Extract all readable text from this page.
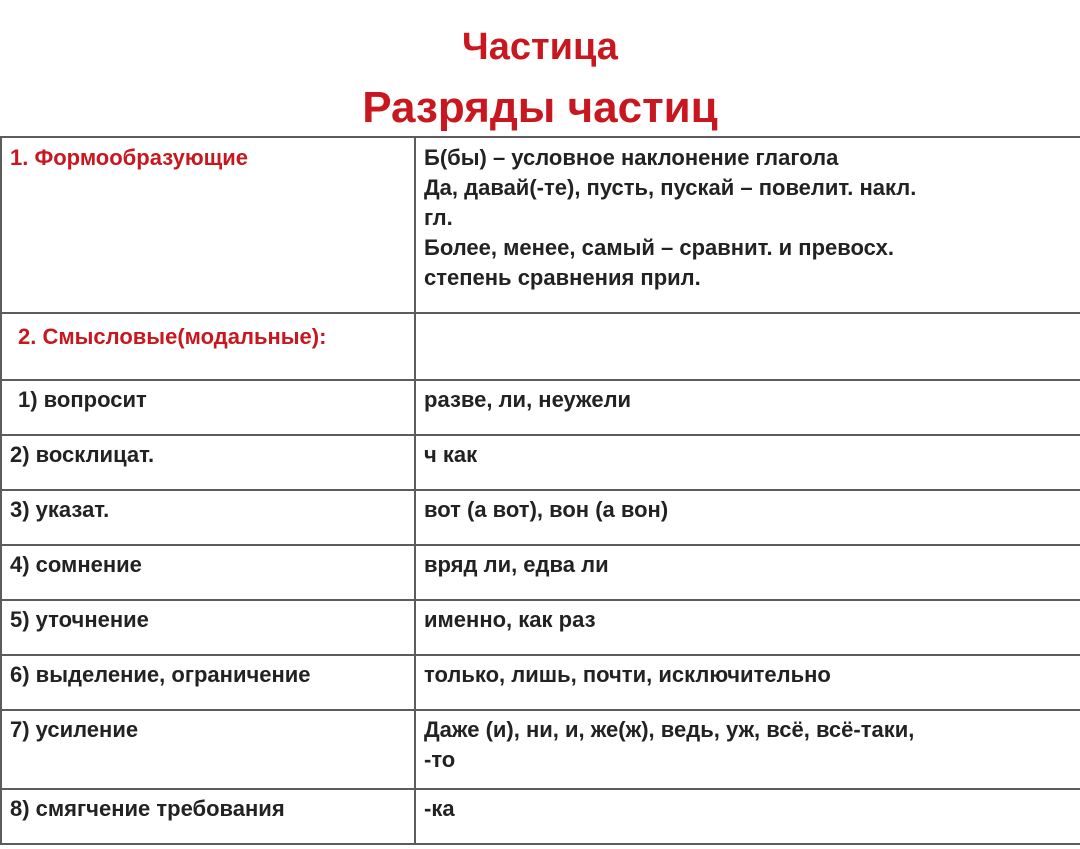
Частица
Разряды частиц
1. Формообразующие	Б(бы) – условное наклонение глагола
Да, давай(-те), пусть, пускай – повелит. накл.
гл.
Более, менее, самый – сравнит. и превосх.
степень сравнения прил.

2. Смысловые(модальные):	
1) вопросит	разве, ли, неужели
2) восклицат.	ч как
3) указат.	вот (а вот), вон (а вон)
4) сомнение	вряд ли, едва ли
5) уточнение	именно, как раз
6) выделение, ограничение	только, лишь, почти, исключительно
7) усиление	Даже (и), ни, и, же(ж), ведь, уж, всё, всё-таки,
-то

8) смягчение требования	-ка
